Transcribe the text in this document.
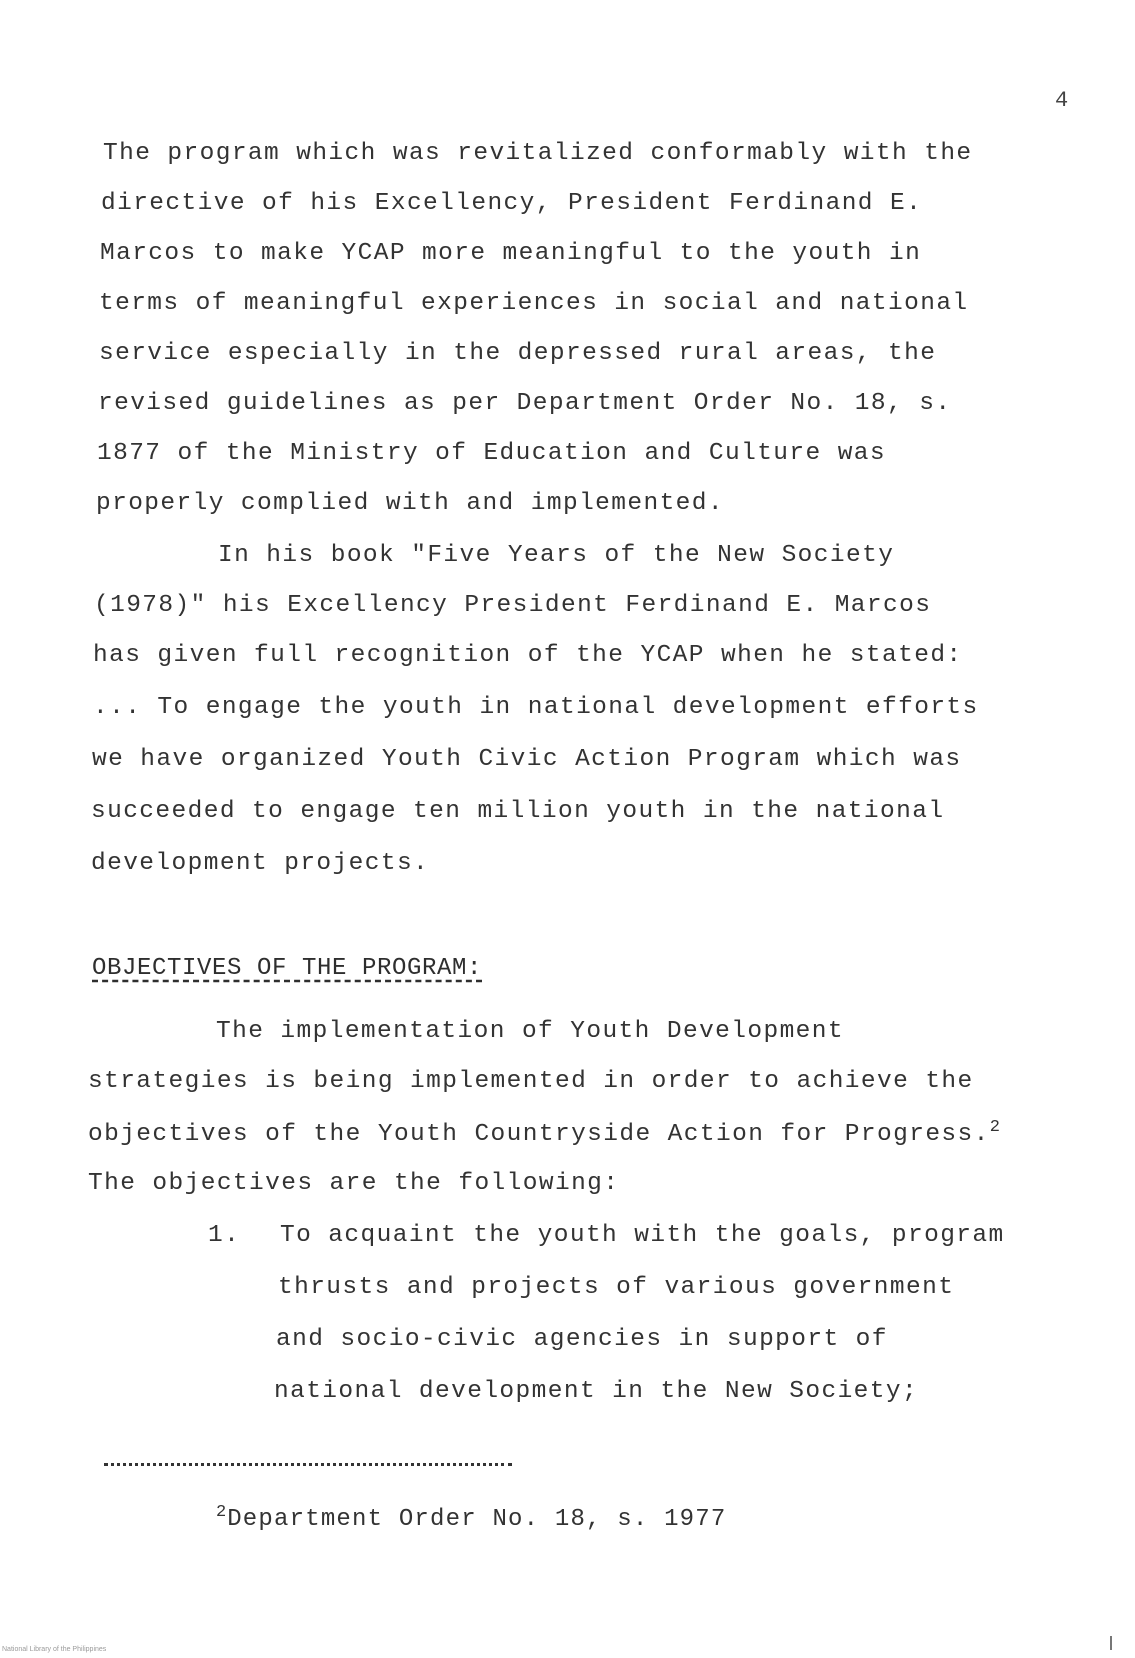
4
The program which was revitalized conformably with the
directive of his Excellency, President Ferdinand E.
Marcos to make YCAP more meaningful to the youth in
terms of meaningful experiences in social and national
service especially in the depressed rural areas, the
revised guidelines as per Department Order No. 18, s.
1877 of the Ministry of Education and Culture was
properly complied with and implemented.
In his book "Five Years of the New Society
(1978)" his Excellency President Ferdinand E. Marcos
has given full recognition of the YCAP when he stated:
... To engage the youth in national development efforts
we have organized Youth Civic Action Program which was
succeeded to engage ten million youth in the national
development projects.
OBJECTIVES OF THE PROGRAM:
The implementation of Youth Development
strategies is being implemented in order to achieve the
objectives of the Youth Countryside Action for Progress.$^2$
The objectives are the following:
1. To acquaint the youth with the goals, program
thrusts and projects of various government
and socio-civic agencies in support of
national development in the New Society;
$^2$Department Order No. 18, s. 1977
National Library of the Philippines
